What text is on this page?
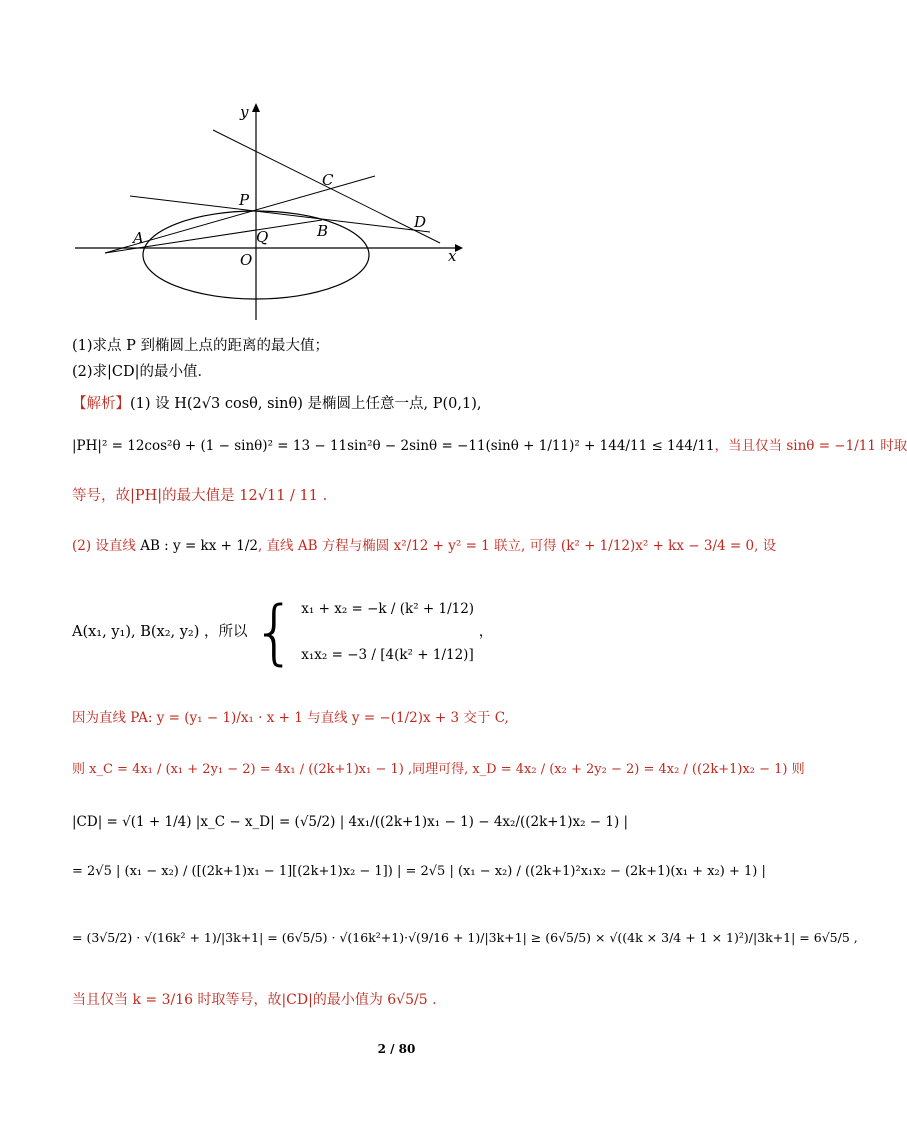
y
x
O
P
A	Q	B
C
D
(1)求点 P 到椭圆上点的距离的最大值；
(2)求|CD|的最小值．
【解析】(1) 设 H(2√3 cosθ, sinθ) 是椭圆上任意一点, P(0,1),
|PH|² = 12cos²θ + (1 − sinθ)² = 13 − 11sin²θ − 2sinθ = −11(sinθ + 1/11)² + 144/11 ≤ 144/11，当且仅当 sinθ = −1/11 时取
等号，故|PH|的最大值是 12√11 / 11 .
(2) 设直线 AB : y = kx + 1/2, 直线 AB 方程与椭圆 x²/12 + y² = 1 联立, 可得 (k² + 1/12)x² + kx − 3/4 = 0, 设
A(x₁, y₁), B(x₂, y₂) ，所以 { x₁ + x₂ = −k / (k² + 1/12)
x₁x₂ = −3 / [4(k² + 1/12)]
，
因为直线 PA: y = (y₁ − 1)/x₁ · x + 1 与直线 y = −(1/2)x + 3 交于 C,
则 x_C = 4x₁ / (x₁ + 2y₁ − 2) = 4x₁ / ((2k+1)x₁ − 1) ,同理可得, x_D = 4x₂ / (x₂ + 2y₂ − 2) = 4x₂ / ((2k+1)x₂ − 1) 则
|CD| = √(1 + 1/4) |x_C − x_D| = (√5/2) | 4x₁/((2k+1)x₁ − 1) − 4x₂/((2k+1)x₂ − 1) |
= 2√5 | (x₁ − x₂) / ([(2k+1)x₁ − 1][(2k+1)x₂ − 1]) | = 2√5 | (x₁ − x₂) / ((2k+1)²x₁x₂ − (2k+1)(x₁ + x₂) + 1) |
= (3√5/2) · √(16k² + 1)/|3k+1| = (6√5/5) · √(16k²+1)·√(9/16 + 1)/|3k+1| ≥ (6√5/5) × √((4k × 3/4 + 1 × 1)²)/|3k+1| = 6√5/5 ,
当且仅当 k = 3/16 时取等号，故|CD|的最小值为 6√5/5 .
2 / 80
